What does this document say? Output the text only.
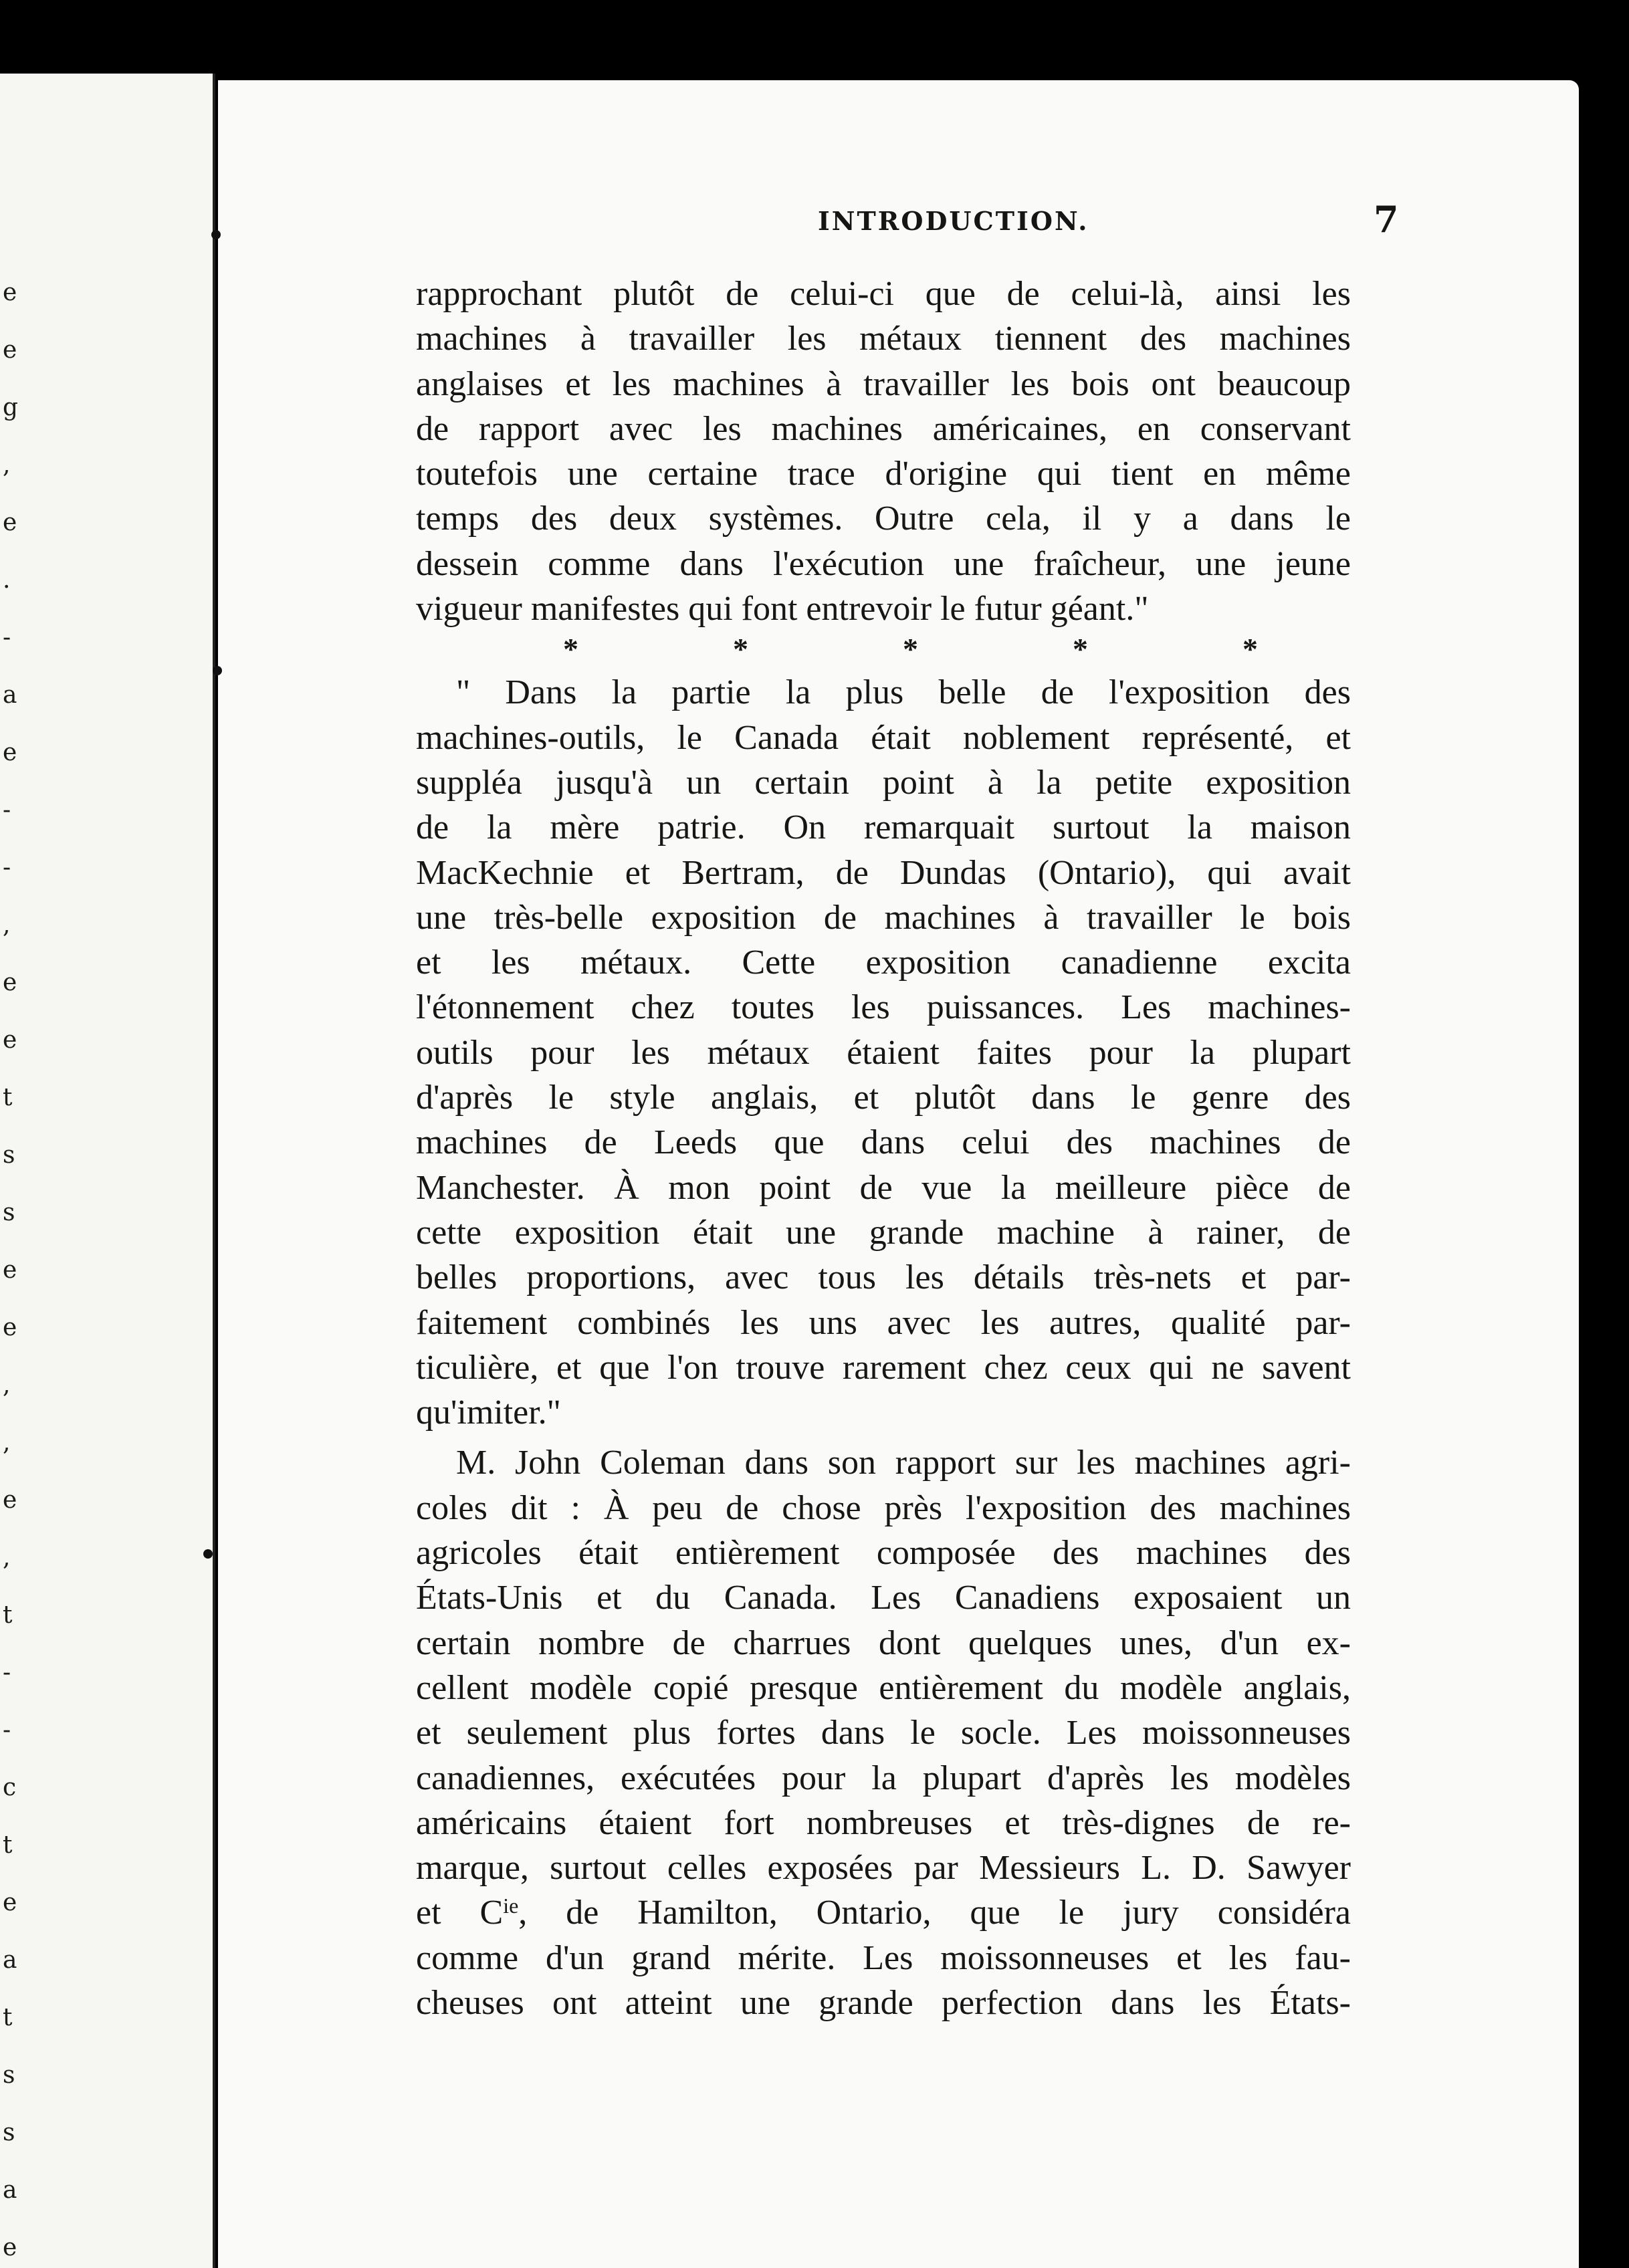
INTRODUCTION.	7
rapprochant plutôt de celui-ci que de celui-là, ainsi les
machines à travailler les métaux tiennent des machines
anglaises et les machines à travailler les bois ont beaucoup
de rapport avec les machines américaines, en conservant
toutefois une certaine trace d'origine qui tient en même
temps des deux systèmes. Outre cela, il y a dans le
dessein comme dans l'exécution une fraîcheur, une jeune
vigueur manifestes qui font entrevoir le futur géant."
*	*	*	*	*
" Dans la partie la plus belle de l'exposition des
machines-outils, le Canada était noblement représenté, et
suppléa jusqu'à un certain point à la petite exposition
de la mère patrie. On remarquait surtout la maison
MacKechnie et Bertram, de Dundas (Ontario), qui avait
une très-belle exposition de machines à travailler le bois
et les métaux. Cette exposition canadienne excita
l'étonnement chez toutes les puissances. Les machines-
outils pour les métaux étaient faites pour la plupart
d'après le style anglais, et plutôt dans le genre des
machines de Leeds que dans celui des machines de
Manchester. À mon point de vue la meilleure pièce de
cette exposition était une grande machine à rainer, de
belles proportions, avec tous les détails très-nets et par-
faitement combinés les uns avec les autres, qualité par-
ticulière, et que l'on trouve rarement chez ceux qui ne savent
qu'imiter."
M. John Coleman dans son rapport sur les machines agri-
coles dit : À peu de chose près l'exposition des machines
agricoles était entièrement composée des machines des
États-Unis et du Canada. Les Canadiens exposaient un
certain nombre de charrues dont quelques unes, d'un ex-
cellent modèle copié presque entièrement du modèle anglais,
et seulement plus fortes dans le socle. Les moissonneuses
canadiennes, exécutées pour la plupart d'après les modèles
américains étaient fort nombreuses et très-dignes de re-
marque, surtout celles exposées par Messieurs L. D. Sawyer
et $C^{ie}$, de Hamilton, Ontario, que le jury considéra
comme d'un grand mérite. Les moissonneuses et les fau-
cheuses ont atteint une grande perfection dans les États-
e
e
g
,
e
.
-
a
e
-
-
,
e
e
t
s
s
e
e
,
,
e
,
t
-
-
c
t
e
a
t
s
s
a
e
